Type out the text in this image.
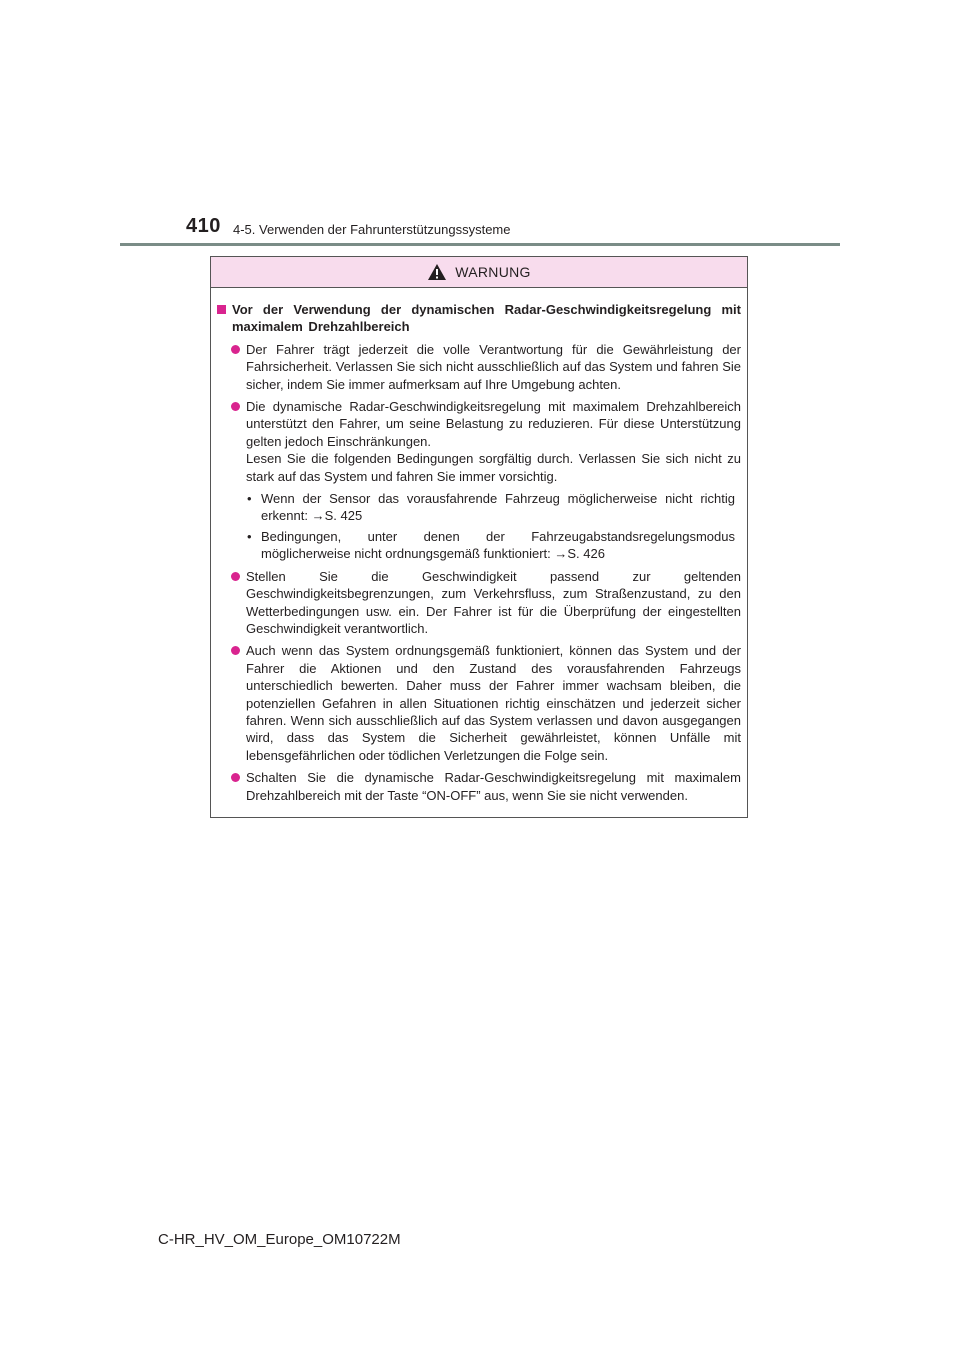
410 4-5. Verwenden der Fahrunterstützungssysteme
WARNUNG
Vor der Verwendung der dynamischen Radar-Geschwindigkeitsregelung mit maximalem Drehzahlbereich
Der Fahrer trägt jederzeit die volle Verantwortung für die Gewährleistung der Fahrsicherheit. Verlassen Sie sich nicht ausschließlich auf das System und fahren Sie sicher, indem Sie immer aufmerksam auf Ihre Umgebung achten.
Die dynamische Radar-Geschwindigkeitsregelung mit maximalem Drehzahlbereich unterstützt den Fahrer, um seine Belastung zu reduzieren. Für diese Unterstützung gelten jedoch Einschränkungen.
Lesen Sie die folgenden Bedingungen sorgfältig durch. Verlassen Sie sich nicht zu stark auf das System und fahren Sie immer vorsichtig.
• Wenn der Sensor das vorausfahrende Fahrzeug möglicherweise nicht richtig erkennt: →S. 425
• Bedingungen, unter denen der Fahrzeugabstandsregelungsmodus möglicherweise nicht ordnungsgemäß funktioniert: →S. 426
Stellen Sie die Geschwindigkeit passend zur geltenden Geschwindigkeitsbegrenzungen, zum Verkehrsfluss, zum Straßenzustand, zu den Wetterbedingungen usw. ein. Der Fahrer ist für die Überprüfung der eingestellten Geschwindigkeit verantwortlich.
Auch wenn das System ordnungsgemäß funktioniert, können das System und der Fahrer die Aktionen und den Zustand des vorausfahrenden Fahrzeugs unterschiedlich bewerten. Daher muss der Fahrer immer wachsam bleiben, die potenziellen Gefahren in allen Situationen richtig einschätzen und jederzeit sicher fahren. Wenn sich ausschließlich auf das System verlassen und davon ausgegangen wird, dass das System die Sicherheit gewährleistet, können Unfälle mit lebensgefährlichen oder tödlichen Verletzungen die Folge sein.
Schalten Sie die dynamische Radar-Geschwindigkeitsregelung mit maximalem Drehzahlbereich mit der Taste “ON-OFF” aus, wenn Sie sie nicht verwenden.
C-HR_HV_OM_Europe_OM10722M
